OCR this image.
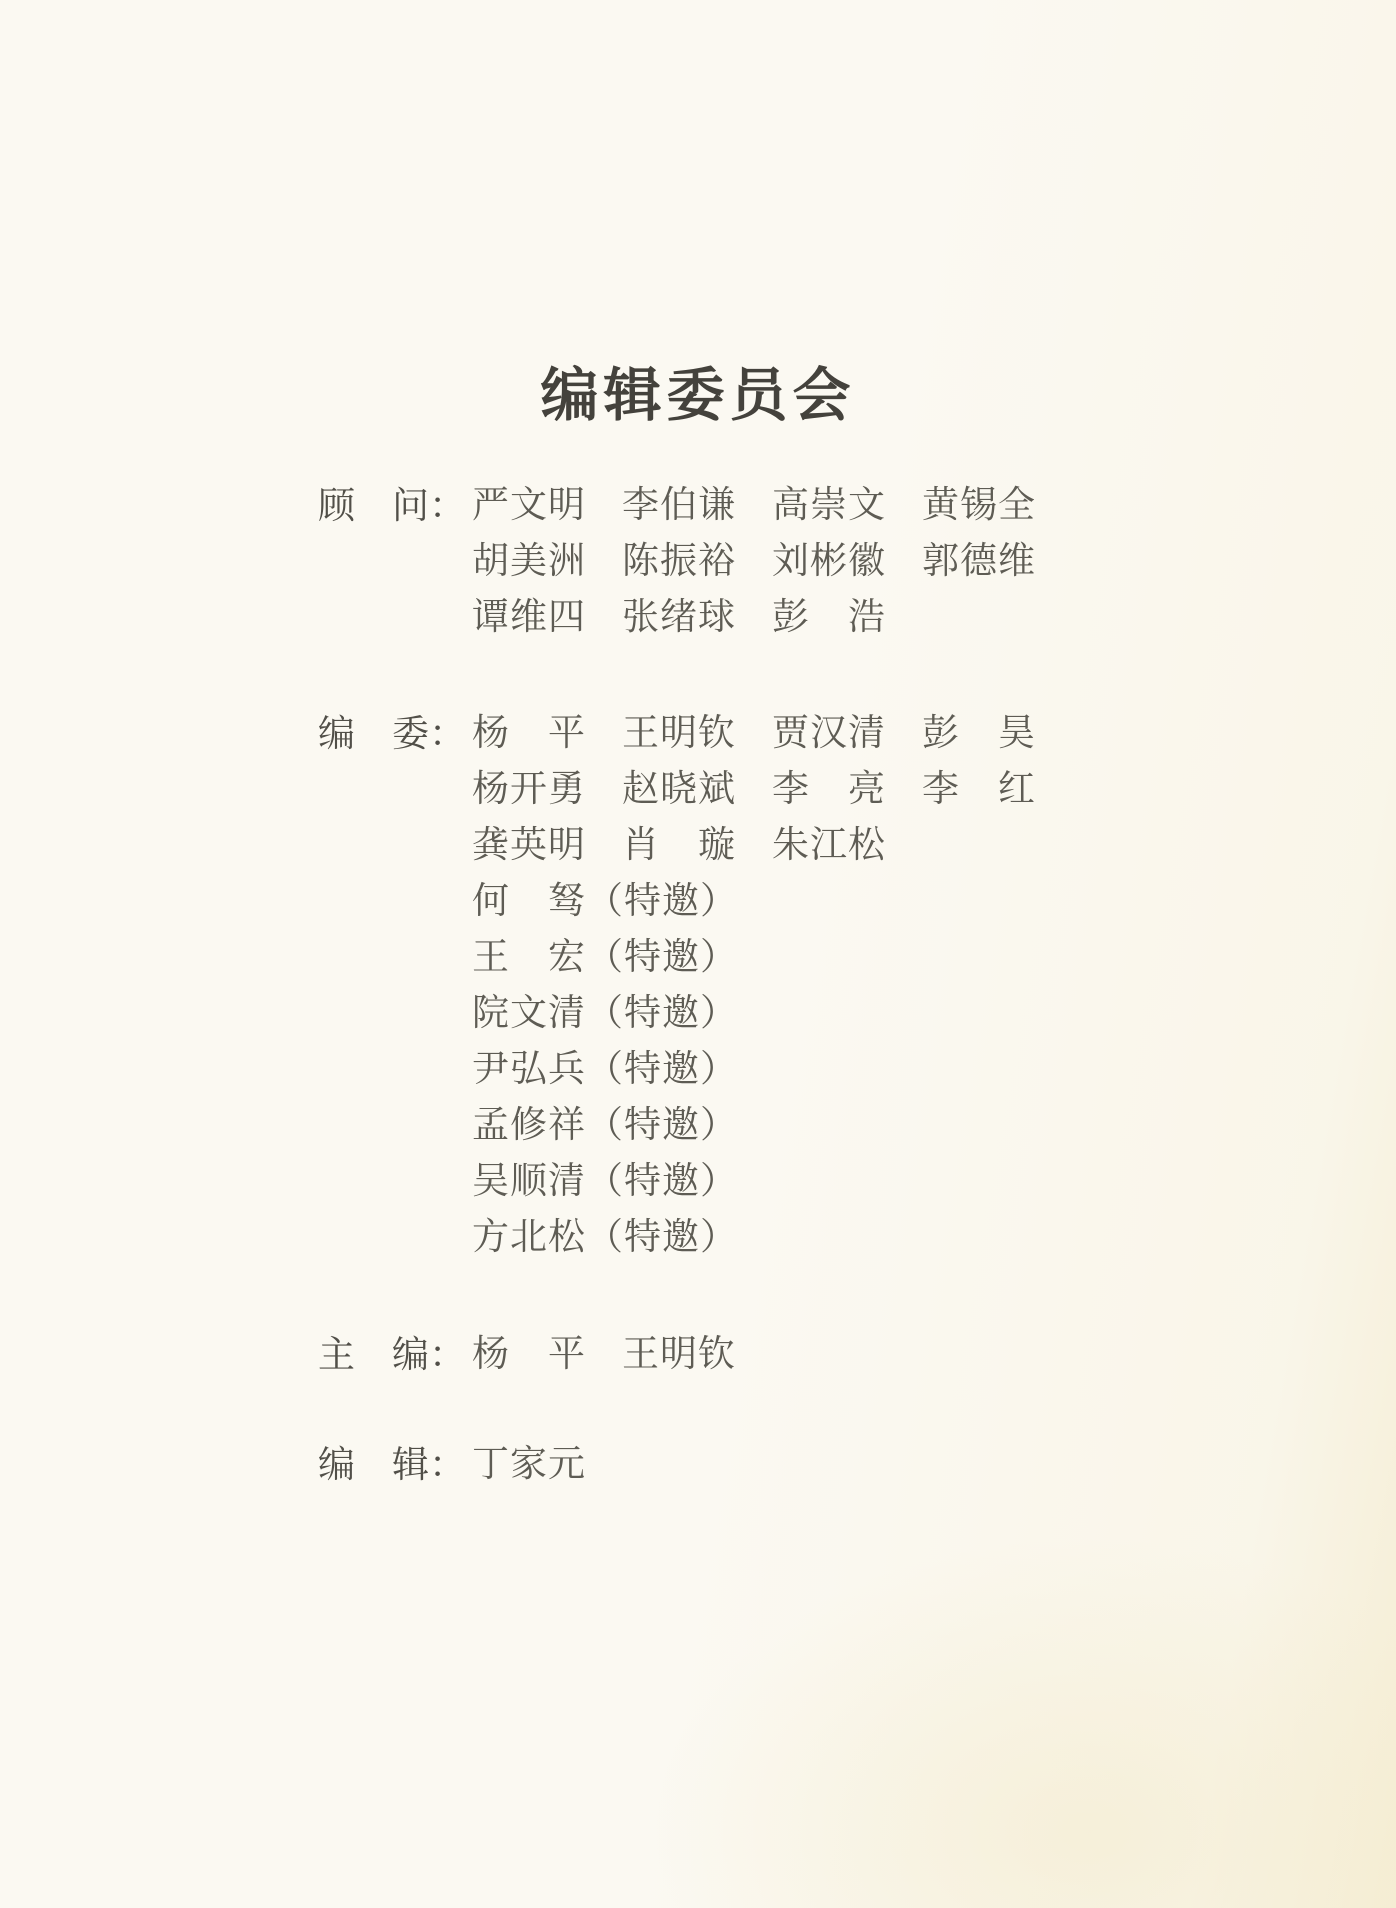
编辑委员会
顾　问： 严文明 李伯谦 高崇文 黄锡全
胡美洲 陈振裕 刘彬徽 郭德维
谭维四 张绪球 彭　浩
编　委： 杨　平 王明钦 贾汉清 彭　昊
杨开勇 赵晓斌 李　亮 李　红
龚英明 肖　璇 朱江松
何　驽（特邀）
王　宏（特邀）
院文清（特邀）
尹弘兵（特邀）
孟修祥（特邀）
吴顺清（特邀）
方北松（特邀）
主　编： 杨　平 王明钦
编　辑： 丁家元
